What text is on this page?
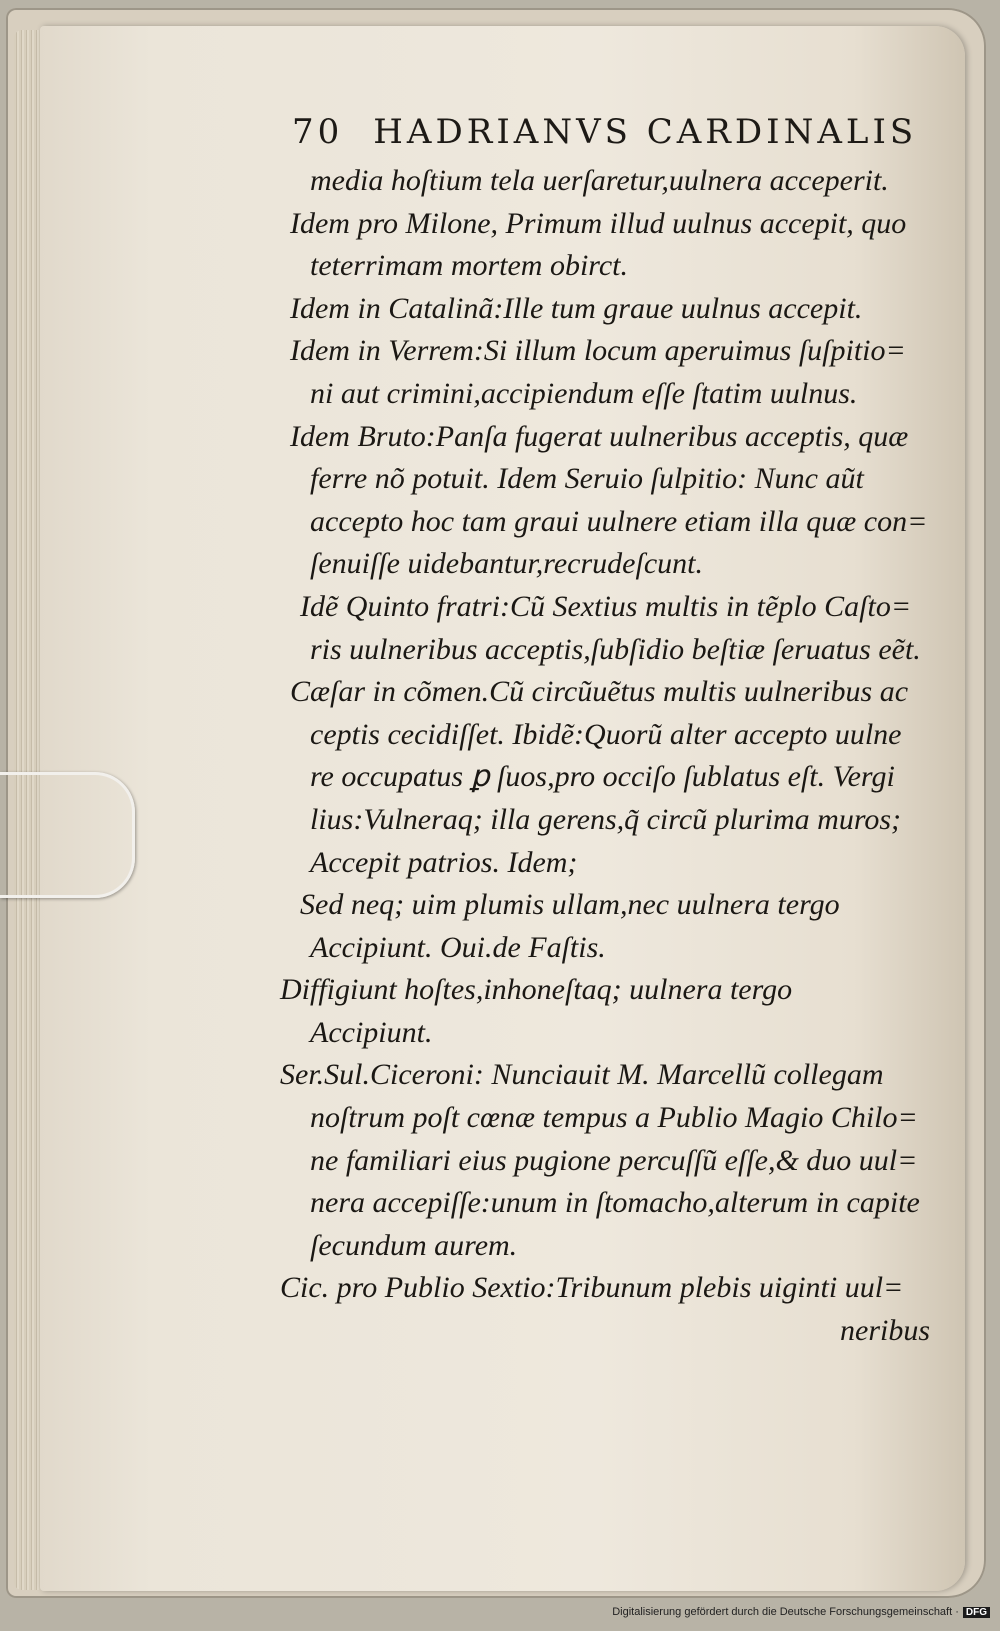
70 HADRIANVS CARDINALIS
media hoſtium tela uerſaretur,uulnera acceperit.
Idem pro Milone, Primum illud uulnus accepit, quo
teterrimam mortem obirct.
Idem in Catalinã:Ille tum graue uulnus accepit.
Idem in Verrem:Si illum locum aperuimus ſuſpitio=
ni aut crimini,accipiendum eſſe ſtatim uulnus.
Idem Bruto:Panſa fugerat uulneribus acceptis, quæ
ferre nõ potuit. Idem Seruio ſulpitio: Nunc aũt
accepto hoc tam graui uulnere etiam illa quæ con=
ſenuiſſe uidebantur,recrudeſcunt.
Idẽ Quinto fratri:Cũ Sextius multis in tẽplo Caſto=
ris uulneribus acceptis,ſubſidio beſtiæ ſeruatus eẽt.
Cæſar in cõmen.Cũ circũuẽtus multis uulneribus ac
ceptis cecidiſſet. Ibidẽ:Quorũ alter accepto uulne
re occupatus ꝑ ſuos,pro occiſo ſublatus eſt. Vergi
lius:Vulneraq; illa gerens,q̃ circũ plurima muros;
Accepit patrios. Idem;
Sed neq; uim plumis ullam,nec uulnera tergo
Accipiunt. Oui.de Faſtis.
Diffigiunt hoſtes,inhoneſtaq; uulnera tergo
Accipiunt.
Ser.Sul.Ciceroni: Nunciauit M. Marcellũ collegam
noſtrum poſt cœnæ tempus a Publio Magio Chilo=
ne familiari eius pugione percuſſũ eſſe,& duo uul=
nera accepiſſe:unum in ſtomacho,alterum in capite
ſecundum aurem.
Cic. pro Publio Sextio:Tribunum plebis uiginti uul=
neribus
Digitalisierung gefördert durch die Deutsche Forschungsgemeinschaft · DFG
